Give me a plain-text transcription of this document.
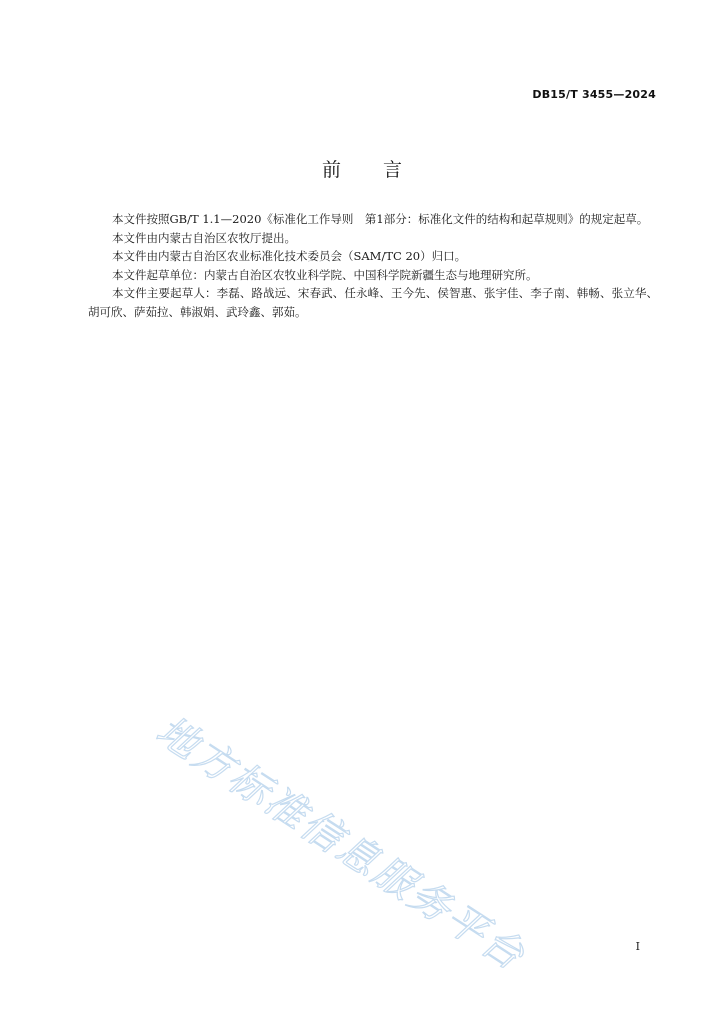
DB15/T 3455—2024
前 言

本文件按照GB/T 1.1—2020《标准化工作导则　第1部分：标准化文件的结构和起草规则》的规定起草。

本文件由内蒙古自治区农牧厅提出。

本文件由内蒙古自治区农业标准化技术委员会（SAM/TC 20）归口。

本文件起草单位：内蒙古自治区农牧业科学院、中国科学院新疆生态与地理研究所。

本文件主要起草人：李磊、路战远、宋春武、任永峰、王今先、侯智惠、张宇佳、李子南、韩畅、张立华、胡可欣、萨茹拉、韩淑娟、武玲鑫、郭茹。

地方标准信息服务平台	I
